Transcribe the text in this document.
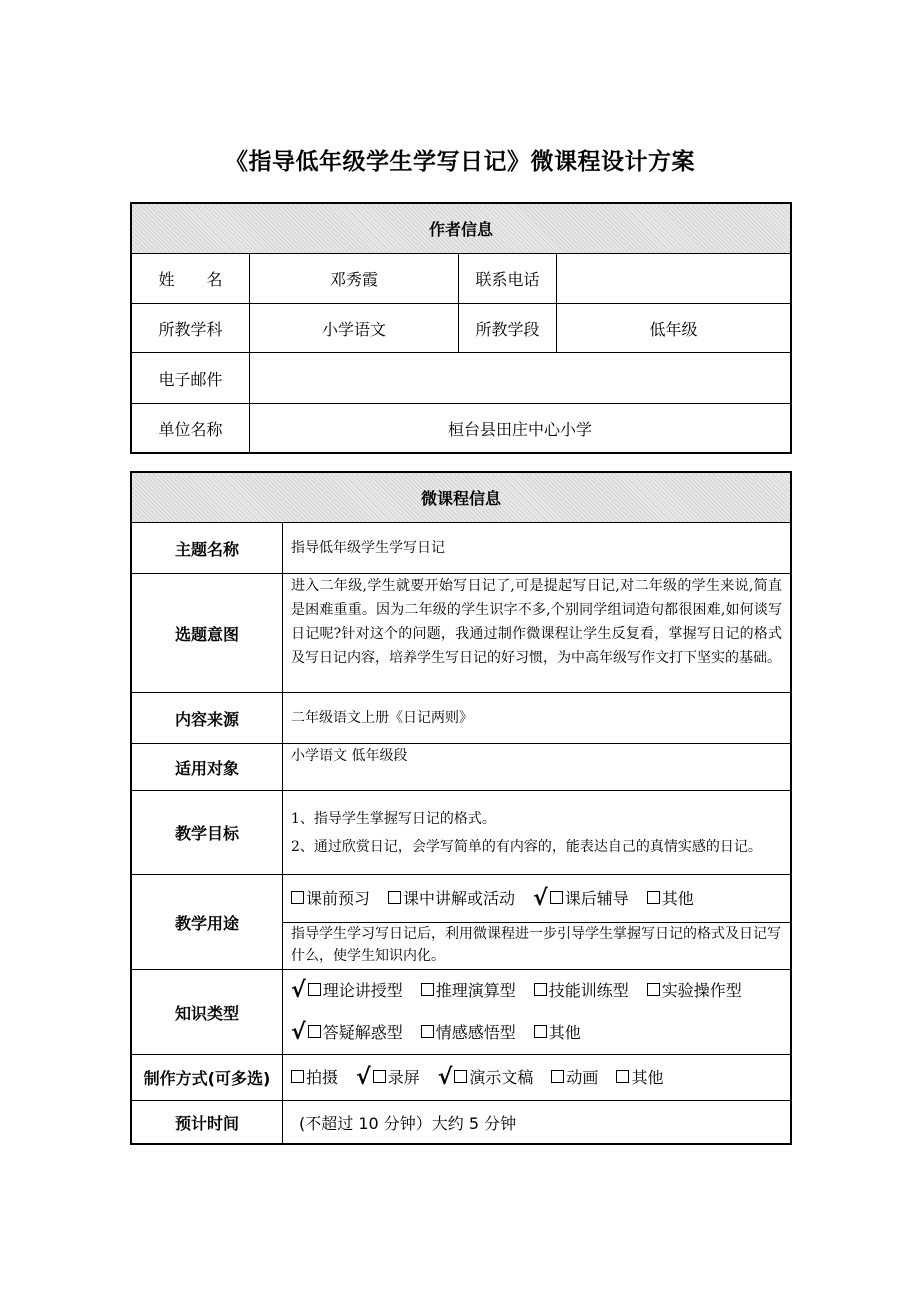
《指导低年级学生学写日记》微课程设计方案
作者信息			
姓　　名	邓秀霞	联系电话	
所教学科	小学语文	所教学段	低年级
电子邮件			
单位名称	桓台县田庄中心小学		
微课程信息	
主题名称	指导低年级学生学写日记
选题意图	进入二年级,学生就要开始写日记了,可是提起写日记,对二年级的学生来说,简直是困难重重。因为二年级的学生识字不多,个别同学组词造句都很困难,如何谈写日记呢?针对这个的问题，我通过制作微课程让学生反复看，掌握写日记的格式及写日记内容，培养学生写日记的好习惯，为中高年级写作文打下坚实的基础。
内容来源	二年级语文上册《日记两则》
适用对象	小学语文 低年级段
教学目标	1、指导学生掌握写日记的格式。
2、通过欣赏日记，会学写简单的有内容的，能表达自己的真情实感的日记。

教学用途	课前预习 课中讲解或活动 √ 课后辅导 其他
	指导学生学习写日记后，利用微课程进一步引导学生掌握写日记的格式及日记写什么，使学生知识内化。
知识类型	√ 理论讲授型 推理演算型 技能训练型 实验操作型
√ 答疑解惑型 情感感悟型 其他

制作方式(可多选)	拍摄 √ 录屏 √ 演示文稿 动画 其他
预计时间	(不超过 10 分钟）大约 5 分钟
